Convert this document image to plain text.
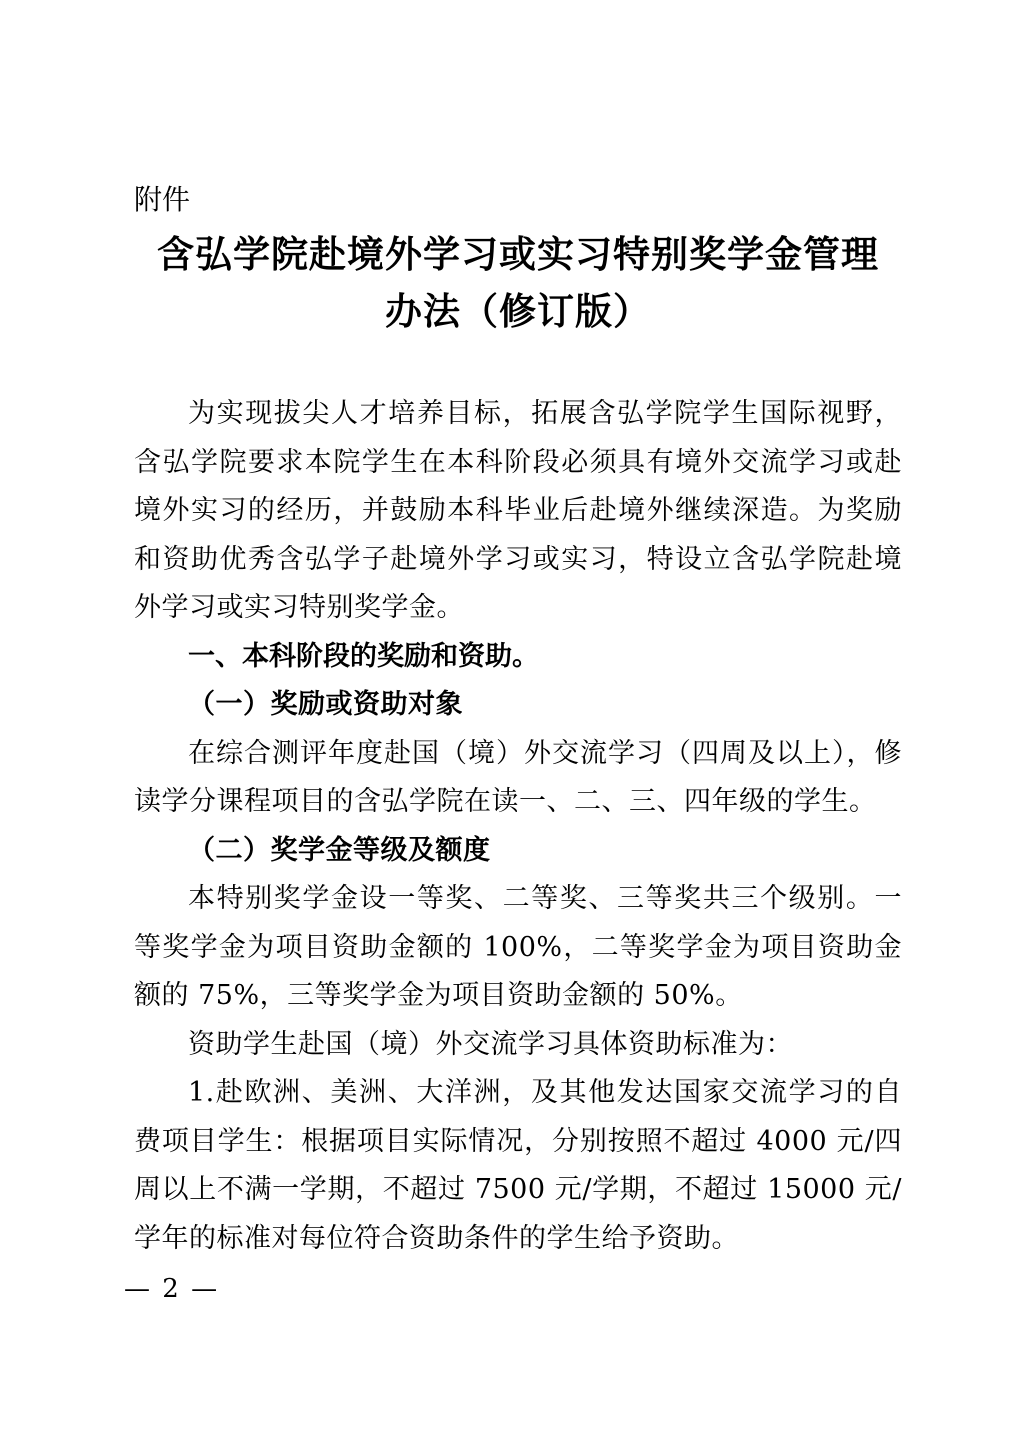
附件
含弘学院赴境外学习或实习特别奖学金管理
办法（修订版）

为实现拔尖人才培养目标，拓展含弘学院学生国际视野，含弘学院要求本院学生在本科阶段必须具有境外交流学习或赴境外实习的经历，并鼓励本科毕业后赴境外继续深造。为奖励和资助优秀含弘学子赴境外学习或实习，特设立含弘学院赴境外学习或实习特别奖学金。

一、本科阶段的奖励和资助。

（一）奖励或资助对象

在综合测评年度赴国（境）外交流学习（四周及以上），修读学分课程项目的含弘学院在读一、二、三、四年级的学生。

（二）奖学金等级及额度

本特别奖学金设一等奖、二等奖、三等奖共三个级别。一等奖学金为项目资助金额的 100%，二等奖学金为项目资助金额的 75%，三等奖学金为项目资助金额的 50%。

资助学生赴国（境）外交流学习具体资助标准为：

1.赴欧洲、美洲、大洋洲，及其他发达国家交流学习的自费项目学生：根据项目实际情况，分别按照不超过 4000 元/四周以上不满一学期，不超过 7500 元/学期，不超过 15000 元/学年的标准对每位符合资助条件的学生给予资助。

— 2 —
